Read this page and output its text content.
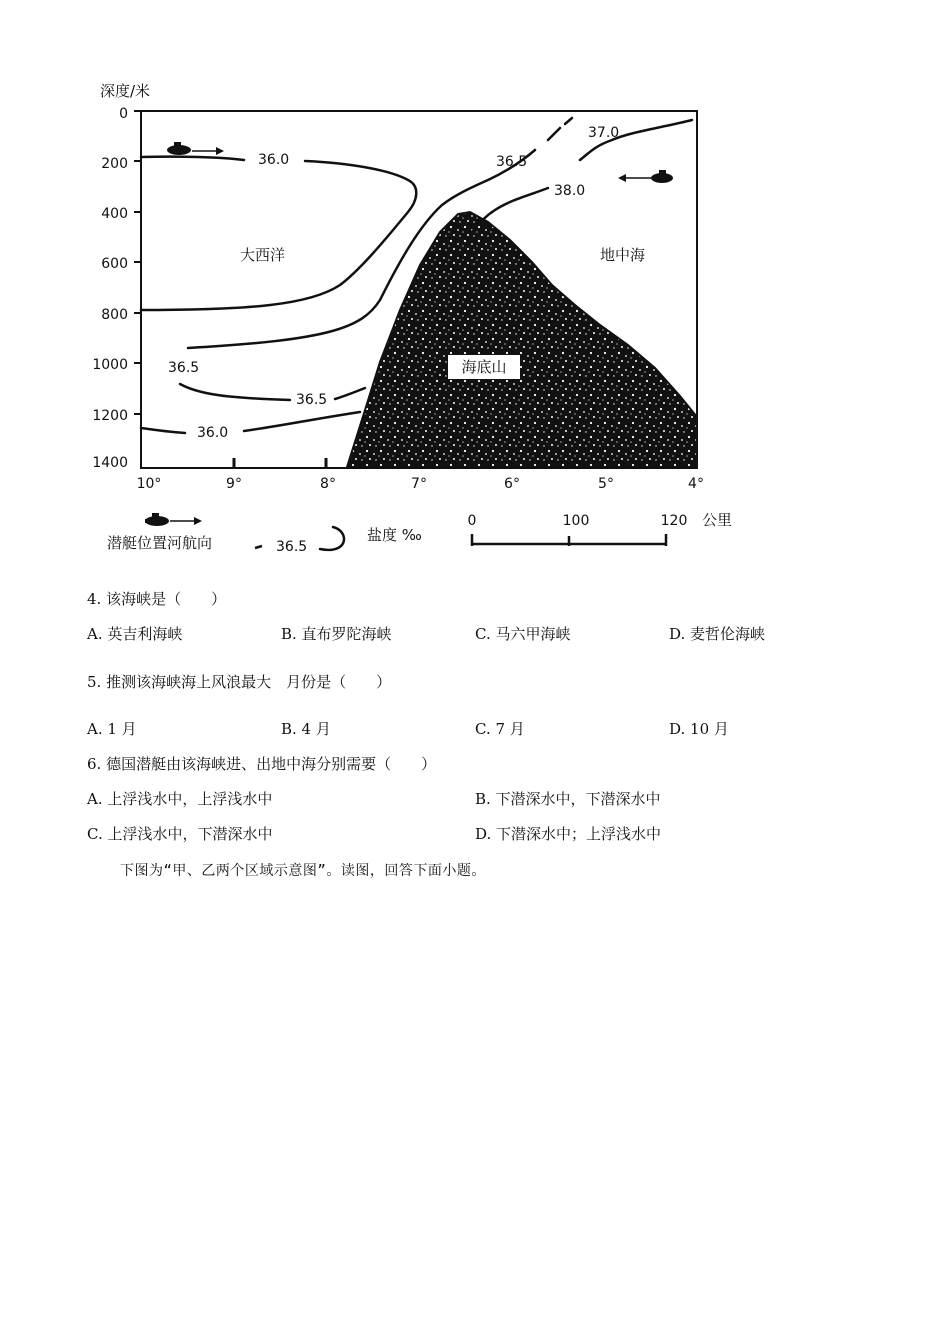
深度/米
0
200
400
600
800
1000
1200
1400
10°	9°	8°	7°	6°	5°	4°
海底山
36.0	36.5
37.0
38.0
36.5
36.5
36.0
大西洋	地中海
潜艇位置河航向	36.5
盐度 ‰
0	100	120 公里
4. 该海峡是（　　）
A. 英吉利海峡	B. 直布罗陀海峡	C. 马六甲海峡	D. 麦哲伦海峡
5. 推测该海峡海上风浪最大　月份是（　　）
A. 1 月	B. 4 月	C. 7 月	D. 10 月
6. 德国潜艇由该海峡进、出地中海分别需要（　　）
A. 上浮浅水中，上浮浅水中	B. 下潜深水中，下潜深水中
C. 上浮浅水中，下潜深水中	D. 下潜深水中；上浮浅水中
下图为“甲、乙两个区域示意图”。读图，回答下面小题。
